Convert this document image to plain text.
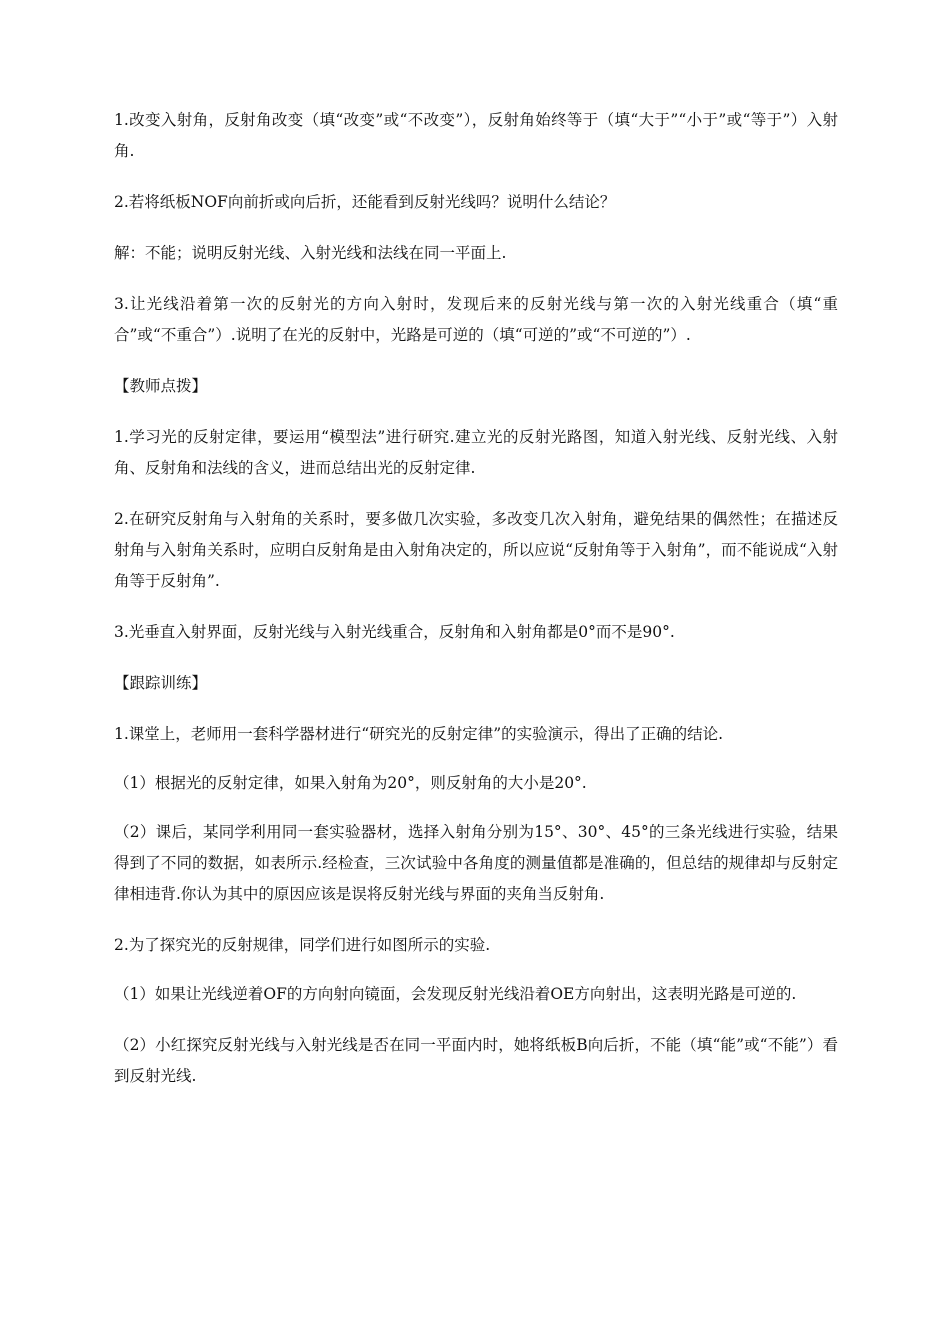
1.改变入射角，反射角改变（填“改变”或“不改变”），反射角始终等于（填“大于”“小于”或“等于”）入射角.

2.若将纸板NOF向前折或向后折，还能看到反射光线吗？说明什么结论？

解：不能；说明反射光线、入射光线和法线在同一平面上.

3.让光线沿着第一次的反射光的方向入射时，发现后来的反射光线与第一次的入射光线重合（填“重合”或“不重合”）.说明了在光的反射中，光路是可逆的（填“可逆的”或“不可逆的”）.

【教师点拨】

1.学习光的反射定律，要运用“模型法”进行研究.建立光的反射光路图，知道入射光线、反射光线、入射角、反射角和法线的含义，进而总结出光的反射定律.

2.在研究反射角与入射角的关系时，要多做几次实验，多改变几次入射角，避免结果的偶然性；在描述反射角与入射角关系时，应明白反射角是由入射角决定的，所以应说“反射角等于入射角”，而不能说成“入射角等于反射角”.

3.光垂直入射界面，反射光线与入射光线重合，反射角和入射角都是0°而不是90°.

【跟踪训练】

1.课堂上，老师用一套科学器材进行“研究光的反射定律”的实验演示，得出了正确的结论.

（1）根据光的反射定律，如果入射角为20°，则反射角的大小是20°.

（2）课后，某同学利用同一套实验器材，选择入射角分别为15°、30°、45°的三条光线进行实验，结果得到了不同的数据，如表所示.经检查，三次试验中各角度的测量值都是准确的，但总结的规律却与反射定律相违背.你认为其中的原因应该是误将反射光线与界面的夹角当反射角.

2.为了探究光的反射规律，同学们进行如图所示的实验.

（1）如果让光线逆着OF的方向射向镜面，会发现反射光线沿着OE方向射出，这表明光路是可逆的.

（2）小红探究反射光线与入射光线是否在同一平面内时，她将纸板B向后折，不能（填“能”或“不能”）看到反射光线.
